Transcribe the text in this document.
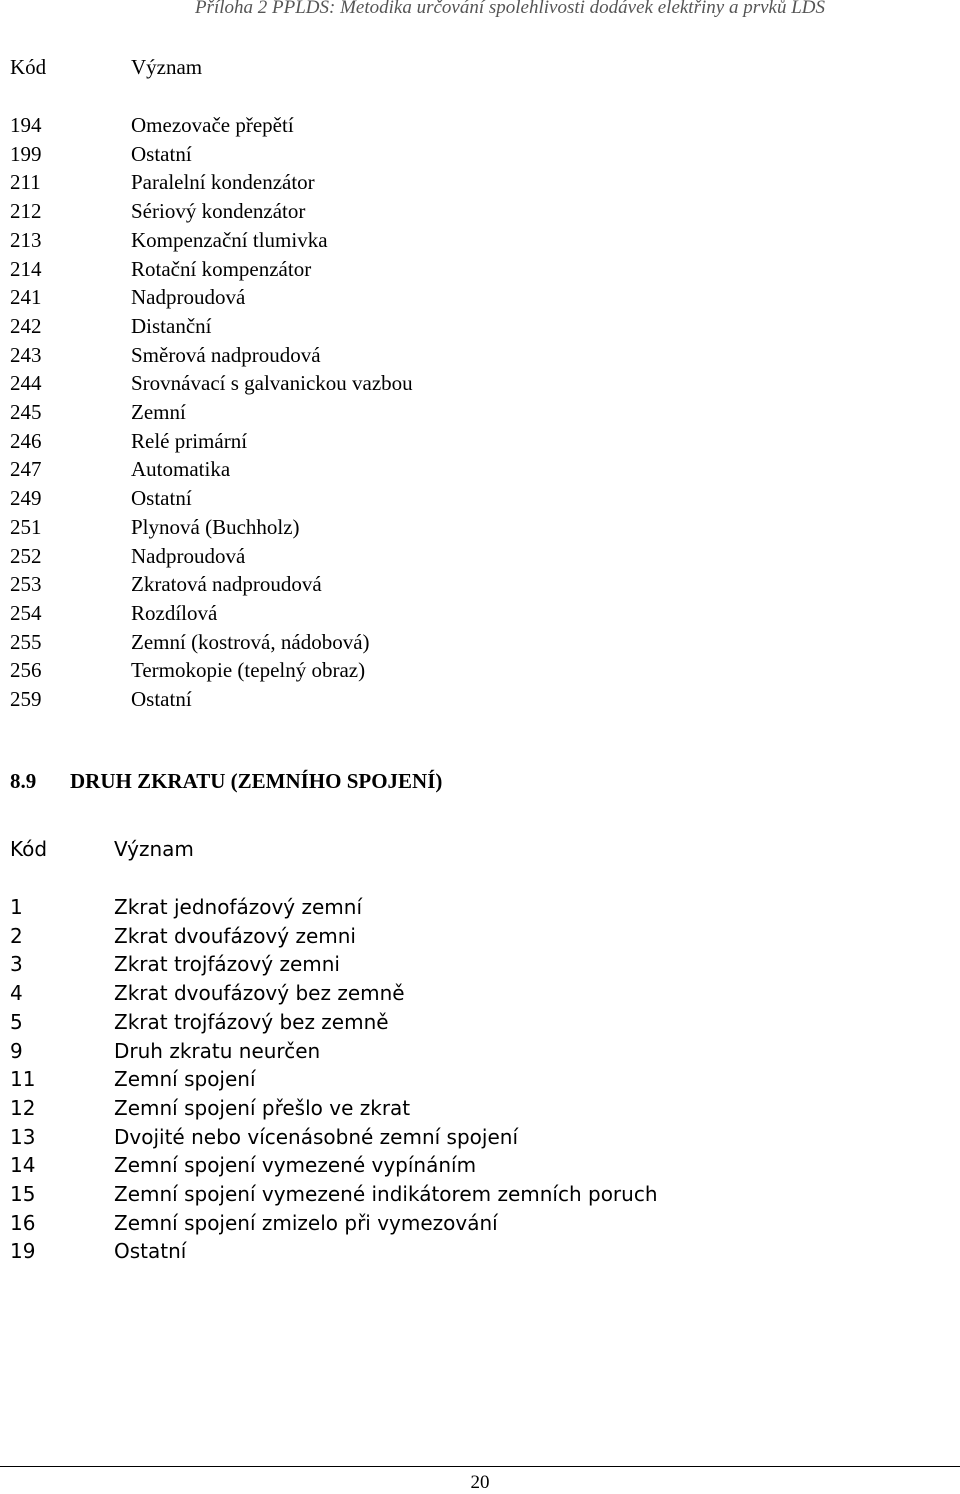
Příloha 2 PPLDS: Metodika určování spolehlivosti dodávek elektřiny a prvků LDS
Kód	Význam
194	Omezovače přepětí
199	Ostatní
211	Paralelní kondenzátor
212	Sériový kondenzátor
213	Kompenzační tlumivka
214	Rotační kompenzátor
241	Nadproudová
242	Distanční
243	Směrová nadproudová
244	Srovnávací s galvanickou vazbou
245	Zemní
246	Relé primární
247	Automatika
249	Ostatní
251	Plynová (Buchholz)
252	Nadproudová
253	Zkratová nadproudová
254	Rozdílová
255	Zemní (kostrová, nádobová)
256	Termokopie (tepelný obraz)
259	Ostatní
8.9 DRUH ZKRATU (ZEMNÍHO SPOJENÍ)
Kód	Význam
1	Zkrat jednofázový zemní
2	Zkrat dvoufázový zemni
3	Zkrat trojfázový zemni
4	Zkrat dvoufázový bez zemně
5	Zkrat trojfázový bez zemně
9	Druh zkratu neurčen
11	Zemní spojení
12	Zemní spojení přešlo ve zkrat
13	Dvojité nebo vícenásobné zemní spojení
14	Zemní spojení vymezené vypínáním
15	Zemní spojení vymezené indikátorem zemních poruch
16	Zemní spojení zmizelo při vymezování
19	Ostatní
20
